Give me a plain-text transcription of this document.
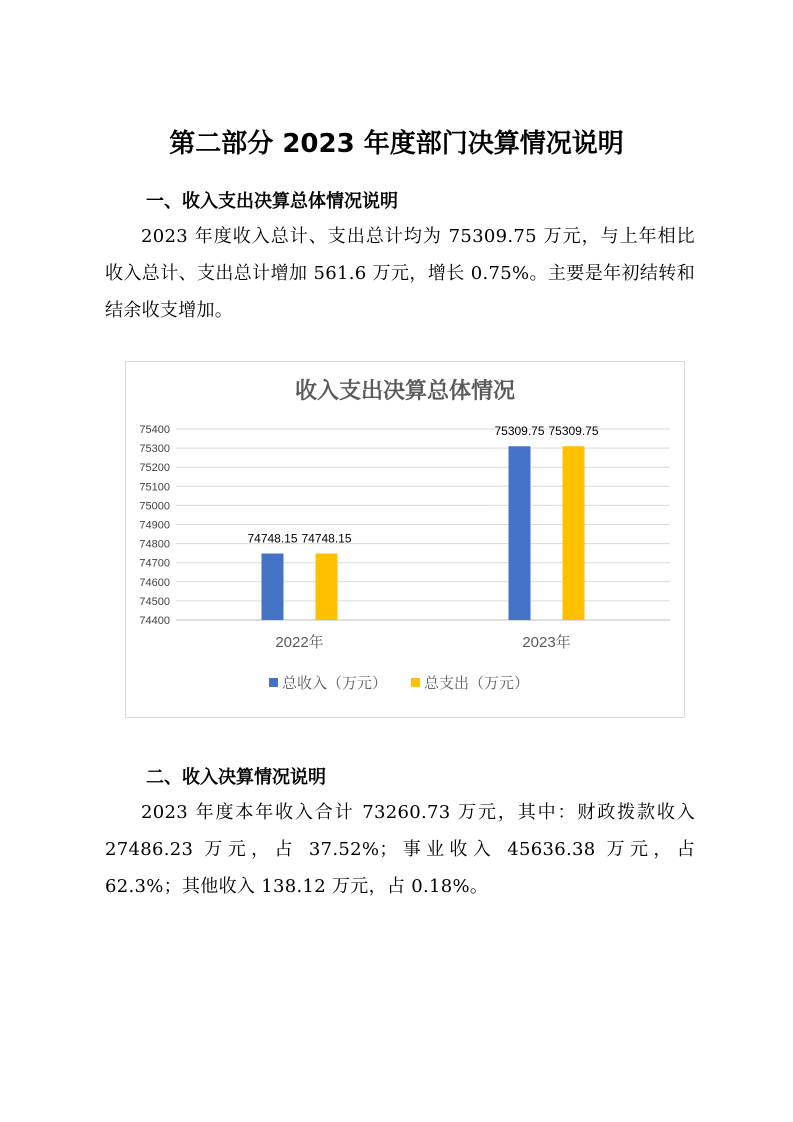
第二部分 2023 年度部门决算情况说明
一、收入支出决算总体情况说明
2023 年度收入总计、支出总计均为 75309.75 万元，与上年相比收入总计、支出总计增加 561.6 万元，增长 0.75%。主要是年初结转和结余收支增加。
收入支出决算总体情况
74400
74500
74600
74700
74800
74900
75000
75100
75200
75300
75400
2022年
74748.15 74748.15
2023年
75309.75 75309.75
总收入（万元） 总支出（万元）
二、收入决算情况说明
2023 年度本年收入合计 73260.73 万元，其中：财政拨款收入 27486.23 万元，占 37.52%；事业收入 45636.38 万元，占 62.3%；其他收入 138.12 万元，占 0.18%。
